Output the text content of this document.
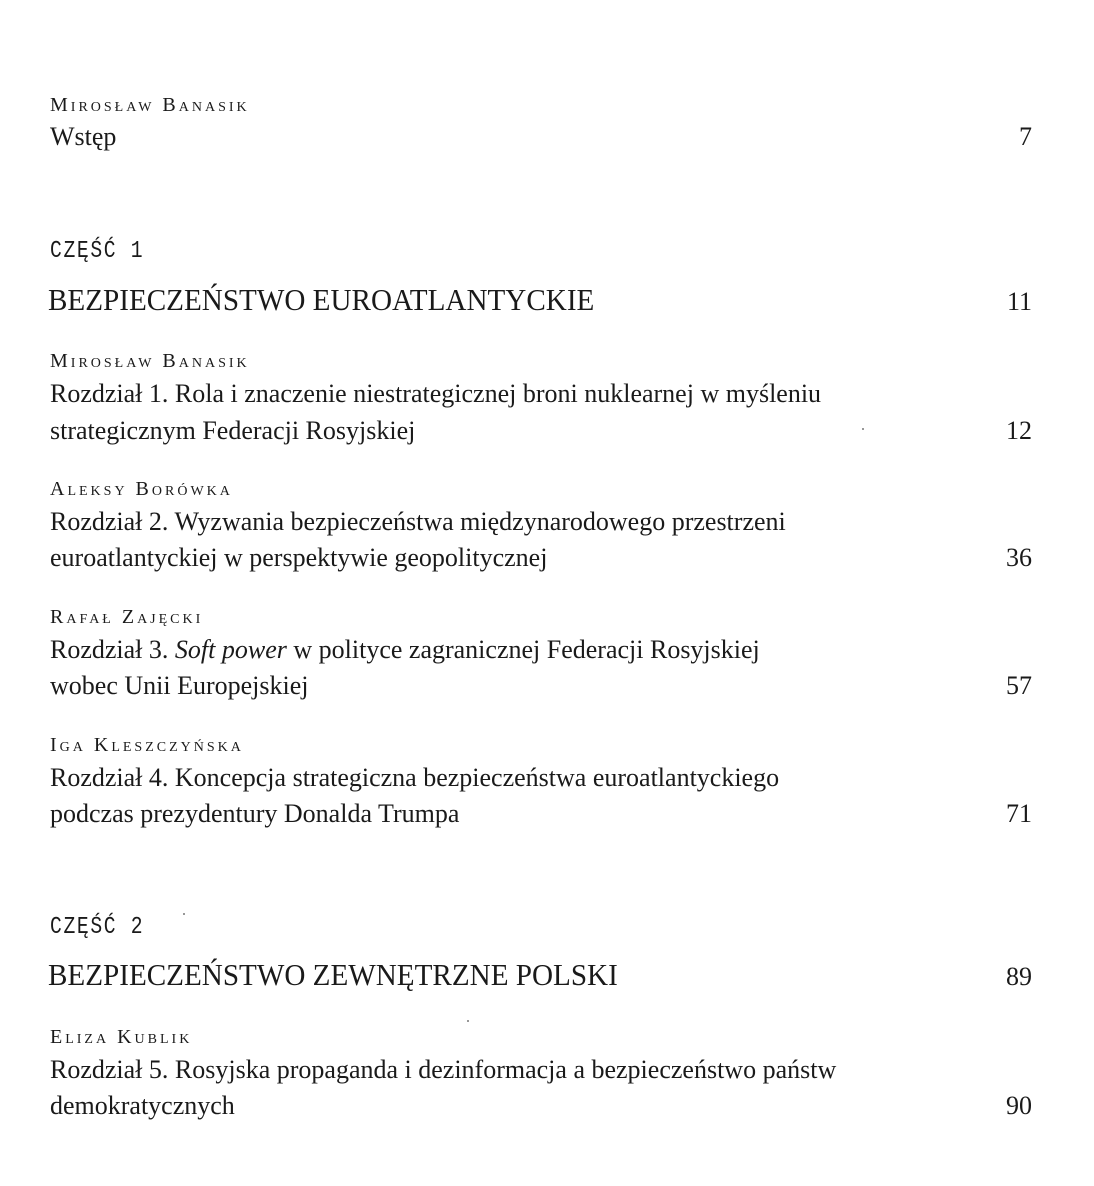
Mirosław Banasik
Wstęp	7
CZĘŚĆ 1
BEZPIECZEŃSTWO EUROATLANTYCKIE	11
Mirosław Banasik
Rozdział 1. Rola i znaczenie niestrategicznej broni nuklearnej w myśleniu
strategicznym Federacji Rosyjskiej	12
Aleksy Borówka
Rozdział 2. Wyzwania bezpieczeństwa międzynarodowego przestrzeni
euroatlantyckiej w perspektywie geopolitycznej	36
Rafał Zajęcki
Rozdział 3. Soft power w polityce zagranicznej Federacji Rosyjskiej
wobec Unii Europejskiej	57
Iga Kleszczyńska
Rozdział 4. Koncepcja strategiczna bezpieczeństwa euroatlantyckiego
podczas prezydentury Donalda Trumpa	71
CZĘŚĆ 2
BEZPIECZEŃSTWO ZEWNĘTRZNE POLSKI	89
Eliza Kublik
Rozdział 5. Rosyjska propaganda i dezinformacja a bezpieczeństwo państw
demokratycznych	90
